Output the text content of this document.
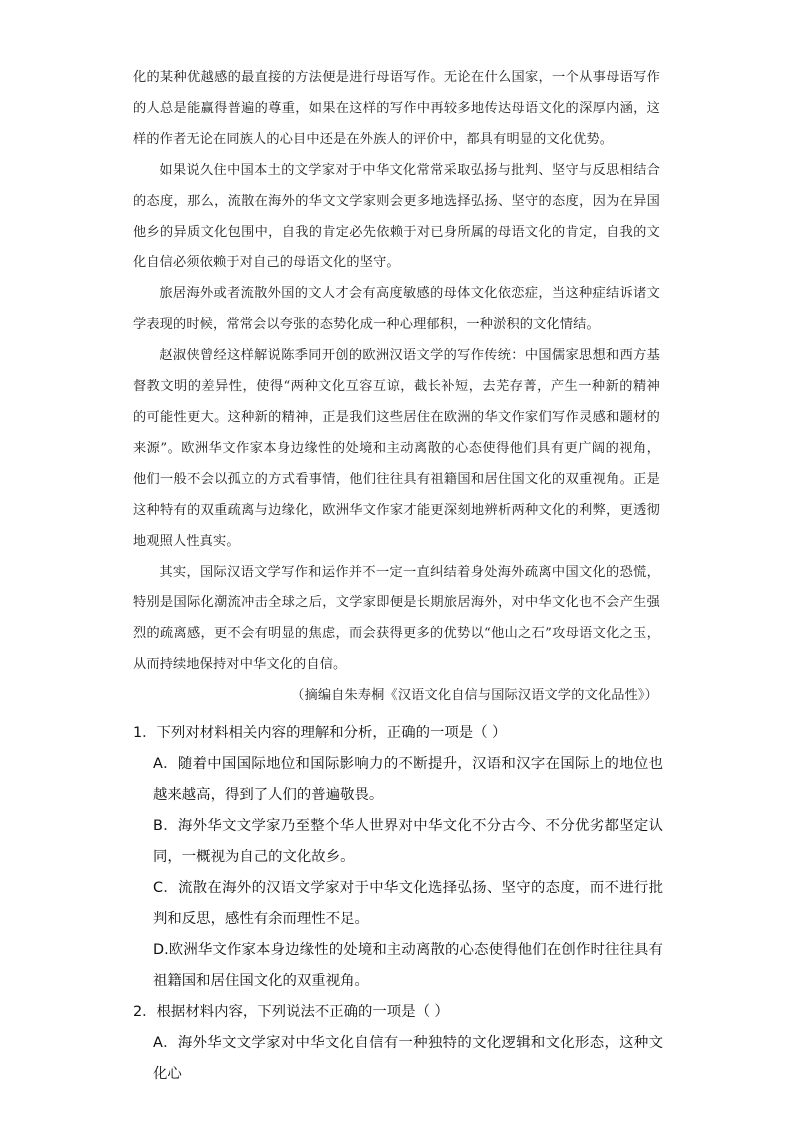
化的某种优越感的最直接的方法便是进行母语写作。无论在什么国家，一个从事母语写作的人总是能赢得普遍的尊重，如果在这样的写作中再较多地传达母语文化的深厚内涵，这样的作者无论在同族人的心目中还是在外族人的评价中，都具有明显的文化优势。

如果说久住中国本土的文学家对于中华文化常常采取弘扬与批判、坚守与反思相结合的态度，那么，流散在海外的华文文学家则会更多地选择弘扬、坚守的态度，因为在异国他乡的异质文化包围中，自我的肯定必先依赖于对已身所属的母语文化的肯定，自我的文化自信必须依赖于对自己的母语文化的坚守。

旅居海外或者流散外国的文人才会有高度敏感的母体文化依恋症，当这种症结诉诸文学表现的时候，常常会以夸张的态势化成一种心理郁积，一种淤积的文化情结。

赵淑侠曾经这样解说陈季同开创的欧洲汉语文学的写作传统：中国儒家思想和西方基督教文明的差异性，使得“两种文化互容互谅，截长补短，去芜存菁，产生一种新的精神的可能性更大。这种新的精神，正是我们这些居住在欧洲的华文作家们写作灵感和题材的来源”。欧洲华文作家本身边缘性的处境和主动离散的心态使得他们具有更广阔的视角，他们一般不会以孤立的方式看事情，他们往往具有祖籍国和居住国文化的双重视角。正是这种特有的双重疏离与边缘化，欧洲华文作家才能更深刻地辨析两种文化的利弊，更透彻地观照人性真实。

其实，国际汉语文学写作和运作并不一定一直纠结着身处海外疏离中国文化的恐慌，特别是国际化潮流冲击全球之后，文学家即便是长期旅居海外，对中华文化也不会产生强烈的疏离感，更不会有明显的焦虑，而会获得更多的优势以“他山之石”攻母语文化之玉，从而持续地保持对中华文化的自信。

（摘编自朱寿桐《汉语文化自信与国际汉语文学的文化品性》）

1．下列对材料相关内容的理解和分析，正确的一项是（ ）

A．随着中国国际地位和国际影响力的不断提升，汉语和汉字在国际上的地位也越来越高，得到了人们的普遍敬畏。

B．海外华文文学家乃至整个华人世界对中华文化不分古今、不分优劣都坚定认同，一概视为自己的文化故乡。

C．流散在海外的汉语文学家对于中华文化选择弘扬、坚守的态度，而不进行批判和反思，感性有余而理性不足。

D.欧洲华文作家本身边缘性的处境和主动离散的心态使得他们在创作时往往具有祖籍国和居住国文化的双重视角。

2．根据材料内容，下列说法不正确的一项是（ ）

A．海外华文文学家对中华文化自信有一种独特的文化逻辑和文化形态，这种文化心
